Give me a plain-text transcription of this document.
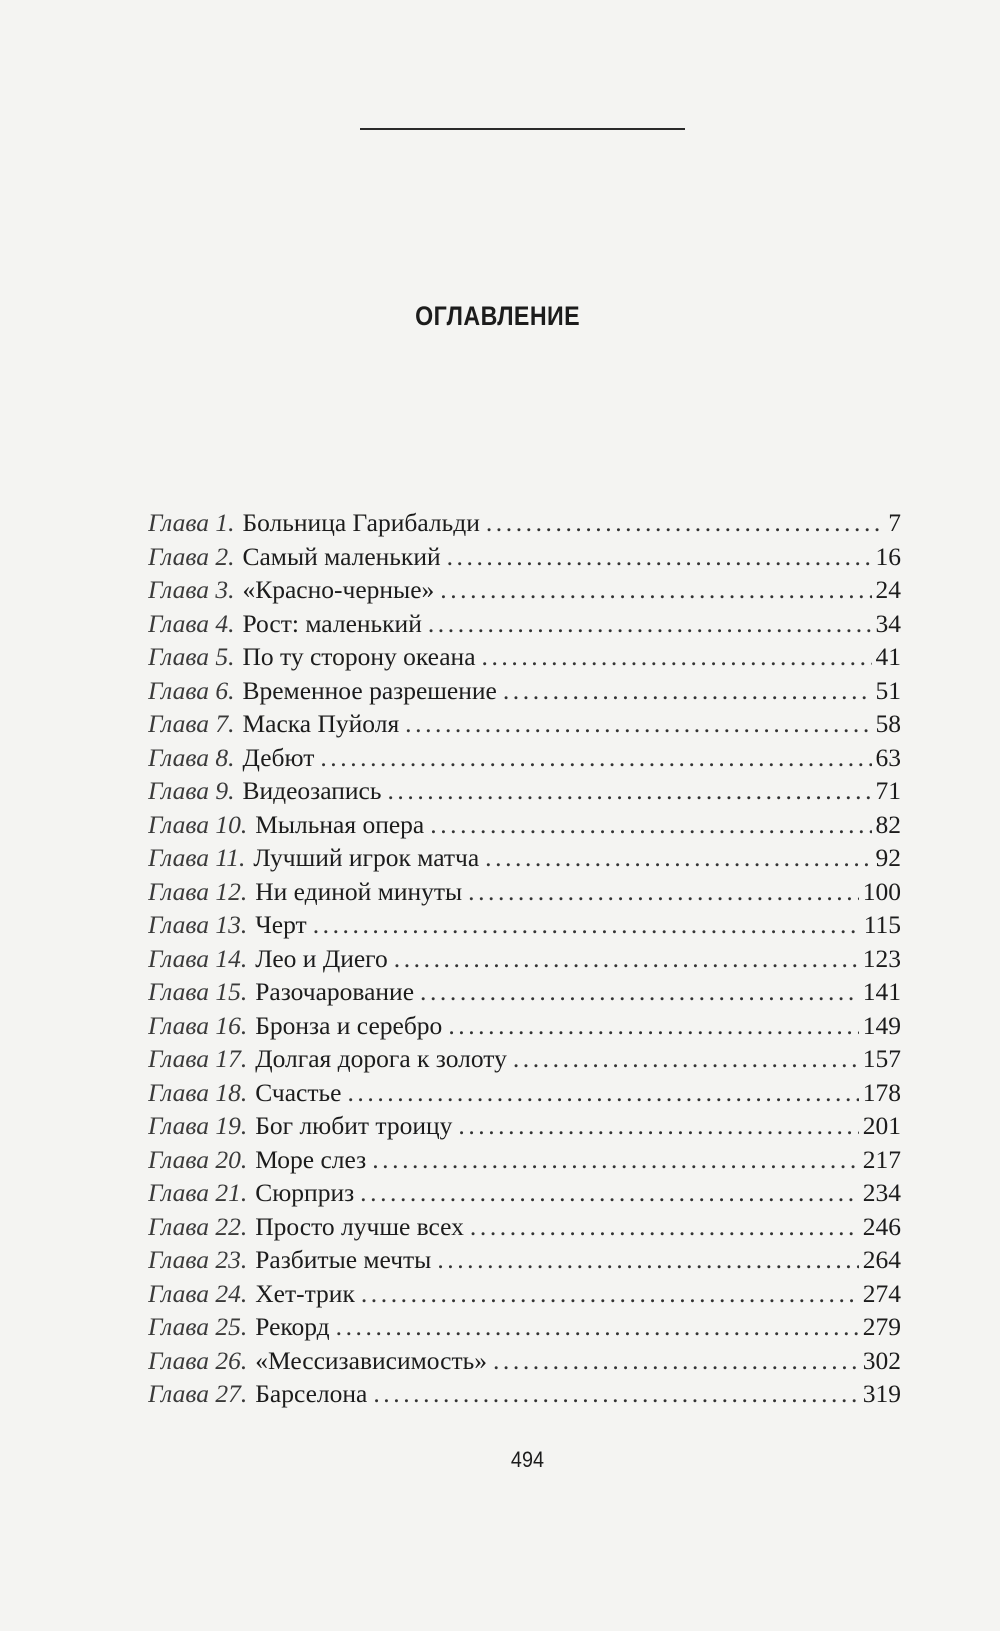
ОГЛАВЛЕНИЕ
Глава 1. Больница Гарибальди . . .	7
Глава 2. Самый маленький . . .	16
Глава 3. «Красно-черные» . . .	24
Глава 4. Рост: маленький . . .	34
Глава 5. По ту сторону океана . . .	41
Глава 6. Временное разрешение . . .	51
Глава 7. Маска Пуйоля . . .	58
Глава 8. Дебют . . .	63
Глава 9. Видеозапись . . .	71
Глава 10. Мыльная опера . . .	82
Глава 11. Лучший игрок матча . . .	92
Глава 12. Ни единой минуты . . .	100
Глава 13. Черт . . .	115
Глава 14. Лео и Диего . . .	123
Глава 15. Разочарование . . .	141
Глава 16. Бронза и серебро . . .	149
Глава 17. Долгая дорога к золоту . . .	157
Глава 18. Счастье . . .	178
Глава 19. Бог любит троицу . . .	201
Глава 20. Море слез . . .	217
Глава 21. Сюрприз . . .	234
Глава 22. Просто лучше всех . . .	246
Глава 23. Разбитые мечты . . .	264
Глава 24. Хет-трик . . .	274
Глава 25. Рекорд . . .	279
Глава 26. «Мессизависимость» . . .	302
Глава 27. Барселона . . .	319
494
